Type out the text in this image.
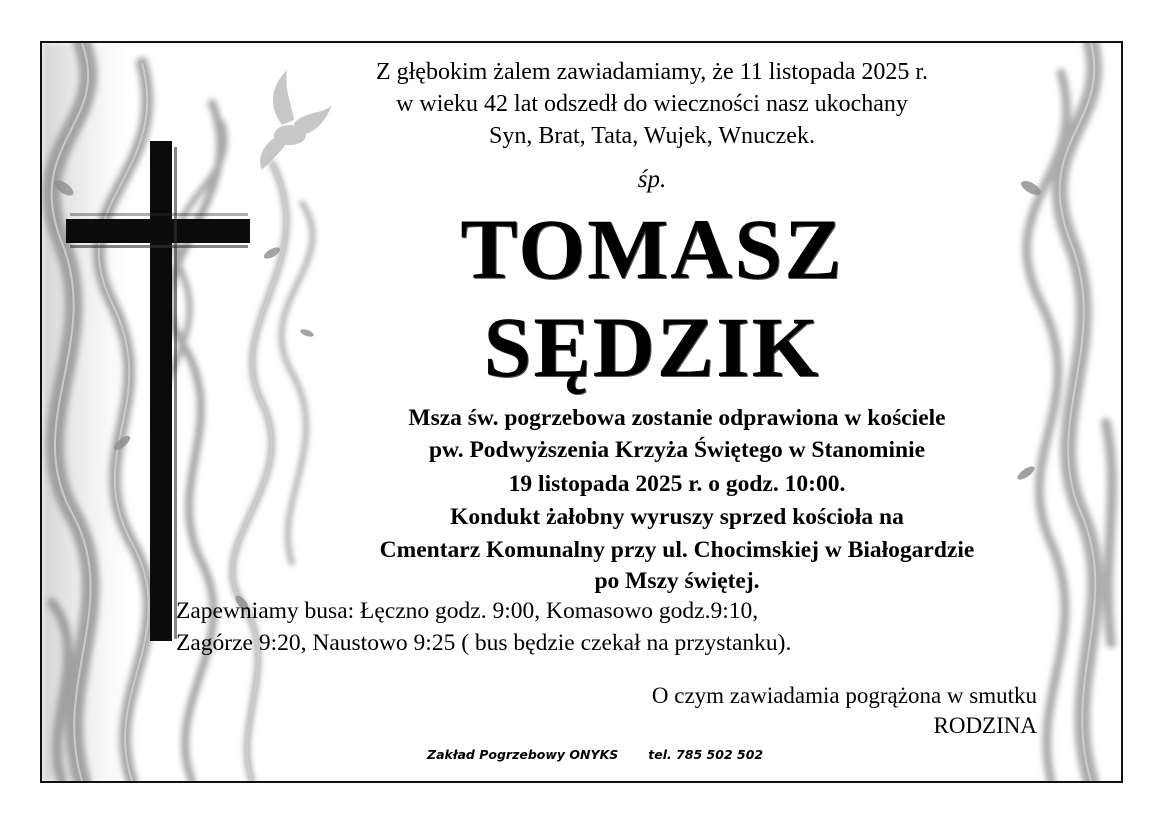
Z głębokim żalem zawiadamiamy, że 11 listopada 2025 r.
w wieku 42 lat odszedł do wieczności nasz ukochany
Syn, Brat, Tata, Wujek, Wnuczek.
śp.
TOMASZ
SĘDZIK
Msza św. pogrzebowa zostanie odprawiona w kościele
pw. Podwyższenia Krzyża Świętego w Stanominie
19 listopada 2025 r. o godz. 10:00.
Kondukt żałobny wyruszy sprzed kościoła na
Cmentarz Komunalny przy ul. Chocimskiej w Białogardzie
po Mszy świętej.
Zapewniamy busa: Łęczno godz. 9:00, Komasowo godz.9:10,
Zagórze 9:20, Naustowo 9:25 ( bus będzie czekał na przystanku).
O czym zawiadamia pogrążona w smutku
RODZINA
Zakład Pogrzebowy ONYKS tel. 785 502 502
